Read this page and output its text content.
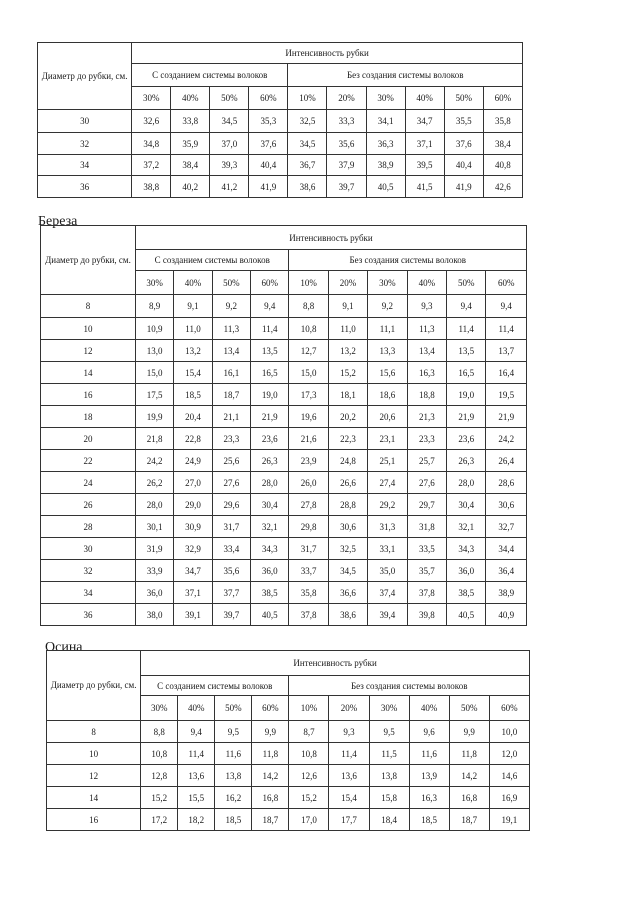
Диаметр до рубки, см.	Интенсивность рубки									
	С созданием системы волоков				Без создания системы волоков					
	30%	40%	50%	60%	10%	20%	30%	40%	50%	60%
30	32,6	33,8	34,5	35,3	32,5	33,3	34,1	34,7	35,5	35,8
32	34,8	35,9	37,0	37,6	34,5	35,6	36,3	37,1	37,6	38,4
34	37,2	38,4	39,3	40,4	36,7	37,9	38,9	39,5	40,4	40,8
36	38,8	40,2	41,2	41,9	38,6	39,7	40,5	41,5	41,9	42,6
Береза
Диаметр до рубки, см.	Интенсивность рубки									
	С созданием системы волоков				Без создания системы волоков					
	30%	40%	50%	60%	10%	20%	30%	40%	50%	60%
8	8,9	9,1	9,2	9,4	8,8	9,1	9,2	9,3	9,4	9,4
10	10,9	11,0	11,3	11,4	10,8	11,0	11,1	11,3	11,4	11,4
12	13,0	13,2	13,4	13,5	12,7	13,2	13,3	13,4	13,5	13,7
14	15,0	15,4	16,1	16,5	15,0	15,2	15,6	16,3	16,5	16,4
16	17,5	18,5	18,7	19,0	17,3	18,1	18,6	18,8	19,0	19,5
18	19,9	20,4	21,1	21,9	19,6	20,2	20,6	21,3	21,9	21,9
20	21,8	22,8	23,3	23,6	21,6	22,3	23,1	23,3	23,6	24,2
22	24,2	24,9	25,6	26,3	23,9	24,8	25,1	25,7	26,3	26,4
24	26,2	27,0	27,6	28,0	26,0	26,6	27,4	27,6	28,0	28,6
26	28,0	29,0	29,6	30,4	27,8	28,8	29,2	29,7	30,4	30,6
28	30,1	30,9	31,7	32,1	29,8	30,6	31,3	31,8	32,1	32,7
30	31,9	32,9	33,4	34,3	31,7	32,5	33,1	33,5	34,3	34,4
32	33,9	34,7	35,6	36,0	33,7	34,5	35,0	35,7	36,0	36,4
34	36,0	37,1	37,7	38,5	35,8	36,6	37,4	37,8	38,5	38,9
36	38,0	39,1	39,7	40,5	37,8	38,6	39,4	39,8	40,5	40,9
Осина
Диаметр до рубки, см.	Интенсивность рубки									
	С созданием системы волоков				Без создания системы волоков					
	30%	40%	50%	60%	10%	20%	30%	40%	50%	60%
8	8,8	9,4	9,5	9,9	8,7	9,3	9,5	9,6	9,9	10,0
10	10,8	11,4	11,6	11,8	10,8	11,4	11,5	11,6	11,8	12,0
12	12,8	13,6	13,8	14,2	12,6	13,6	13,8	13,9	14,2	14,6
14	15,2	15,5	16,2	16,8	15,2	15,4	15,8	16,3	16,8	16,9
16	17,2	18,2	18,5	18,7	17,0	17,7	18,4	18,5	18,7	19,1
